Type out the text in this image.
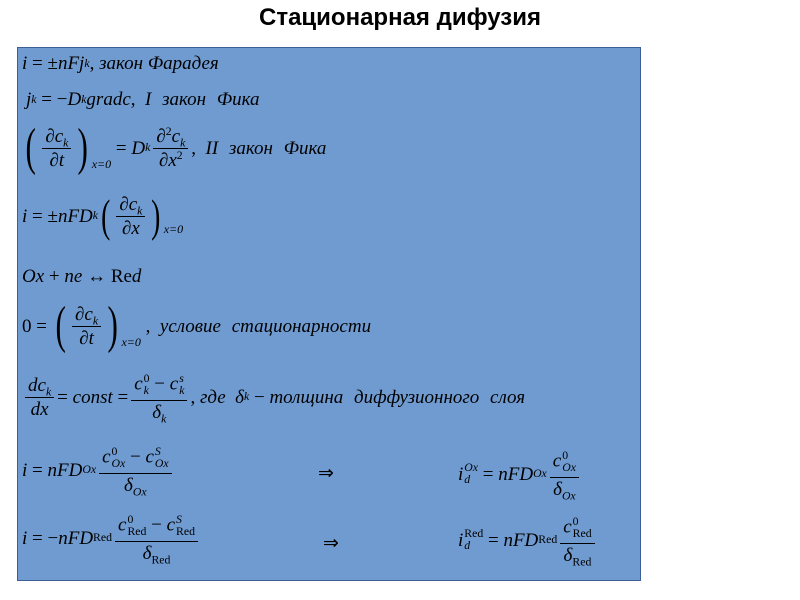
Стационарная дифузия
i = ± nFj k , закон Фарадея
j k = − D k gradc , I закон Фика
( $\frac{\partial c_k}{\partial t}$ ) x=0
= D k $\frac{\partial^2c_k}{\partial x^2}$ , II закон Фика
i = ± nFD k ( $\frac{\partial c_k}{\partial x}$ ) x=0
Ox + ne
↔
Re d
0 = ( $\frac{\partial c_k}{\partial t}$ ) x=0
, условие стационарности
$\frac{dc_k}{dx}$ = const = c 0
k − c s
k
$\delta_k$ , где
δ k − толщина диффузионного слоя
i = nFD Ox c 0
Ox − c S
Ox
$\delta_{Ox}$	⇒	i Ox
d = nFD Ox c 0
Ox
$\delta_{Ox}$
i = − nFD Red c 0
Red − c S
Red
$\delta_{Red}$	⇒	i Red
d = nFD Red c 0
Red
$\delta_{Red}$
